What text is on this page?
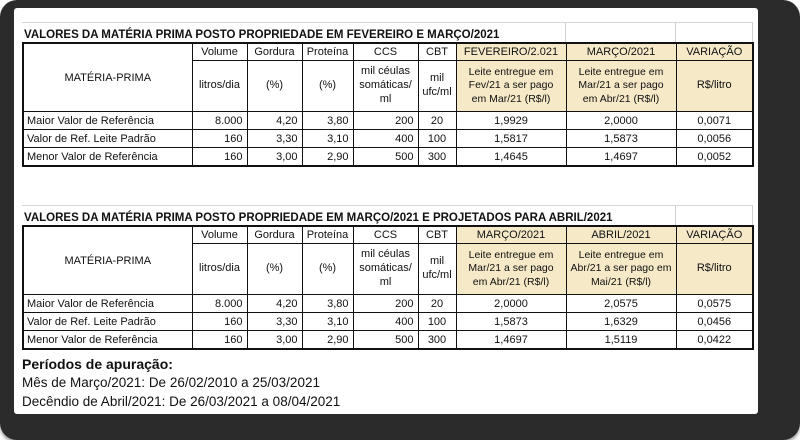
VALORES DA MATÉRIA PRIMA POSTO PROPRIEDADE EM FEVEREIRO E MARÇO/2021		
MATÉRIA-PRIMA	Volume	Gordura	Proteína	CCS	CBT	FEVEREIRO/2.021	MARÇO/2021	VARIAÇÃO
	litros/dia	(%)	(%)	mil céulas somáticas/ ml	mil ufc/ml	Leite entregue em Fev/21 a ser pago em Mar/21 (R$/l)	Leite entregue em Mar/21 a ser pago em Abr/21 (R$/l)	R$/litro
Maior Valor de Referência	8.000	4,20	3,80	200	20	1,9929	2,0000	0,0071
Valor de Ref. Leite Padrão	160	3,30	3,10	400	100	1,5817	1,5873	0,0056
Menor Valor de Referência	160	3,00	2,90	500	300	1,4645	1,4697	0,0052
VALORES DA MATÉRIA PRIMA POSTO PROPRIEDADE EM MARÇO/2021 E PROJETADOS PARA ABRIL/2021	
MATÉRIA-PRIMA	Volume	Gordura	Proteína	CCS	CBT	MARÇO/2021	ABRIL/2021	VARIAÇÃO
	litros/dia	(%)	(%)	mil céulas somáticas/ ml	mil ufc/ml	Leite entregue em Mar/21 a ser pago em Abr/21 (R$/l)	Leite entregue em Abr/21 a ser pago em Mai/21 (R$/l)	R$/litro
Maior Valor de Referência	8.000	4,20	3,80	200	20	2,0000	2,0575	0,0575
Valor de Ref. Leite Padrão	160	3,30	3,10	400	100	1,5873	1,6329	0,0456
Menor Valor de Referência	160	3,00	2,90	500	300	1,4697	1,5119	0,0422
Períodos de apuração:
Mês de Março/2021: De 26/02/2010 a 25/03/2021
Decêndio de Abril/2021: De 26/03/2021 a 08/04/2021
